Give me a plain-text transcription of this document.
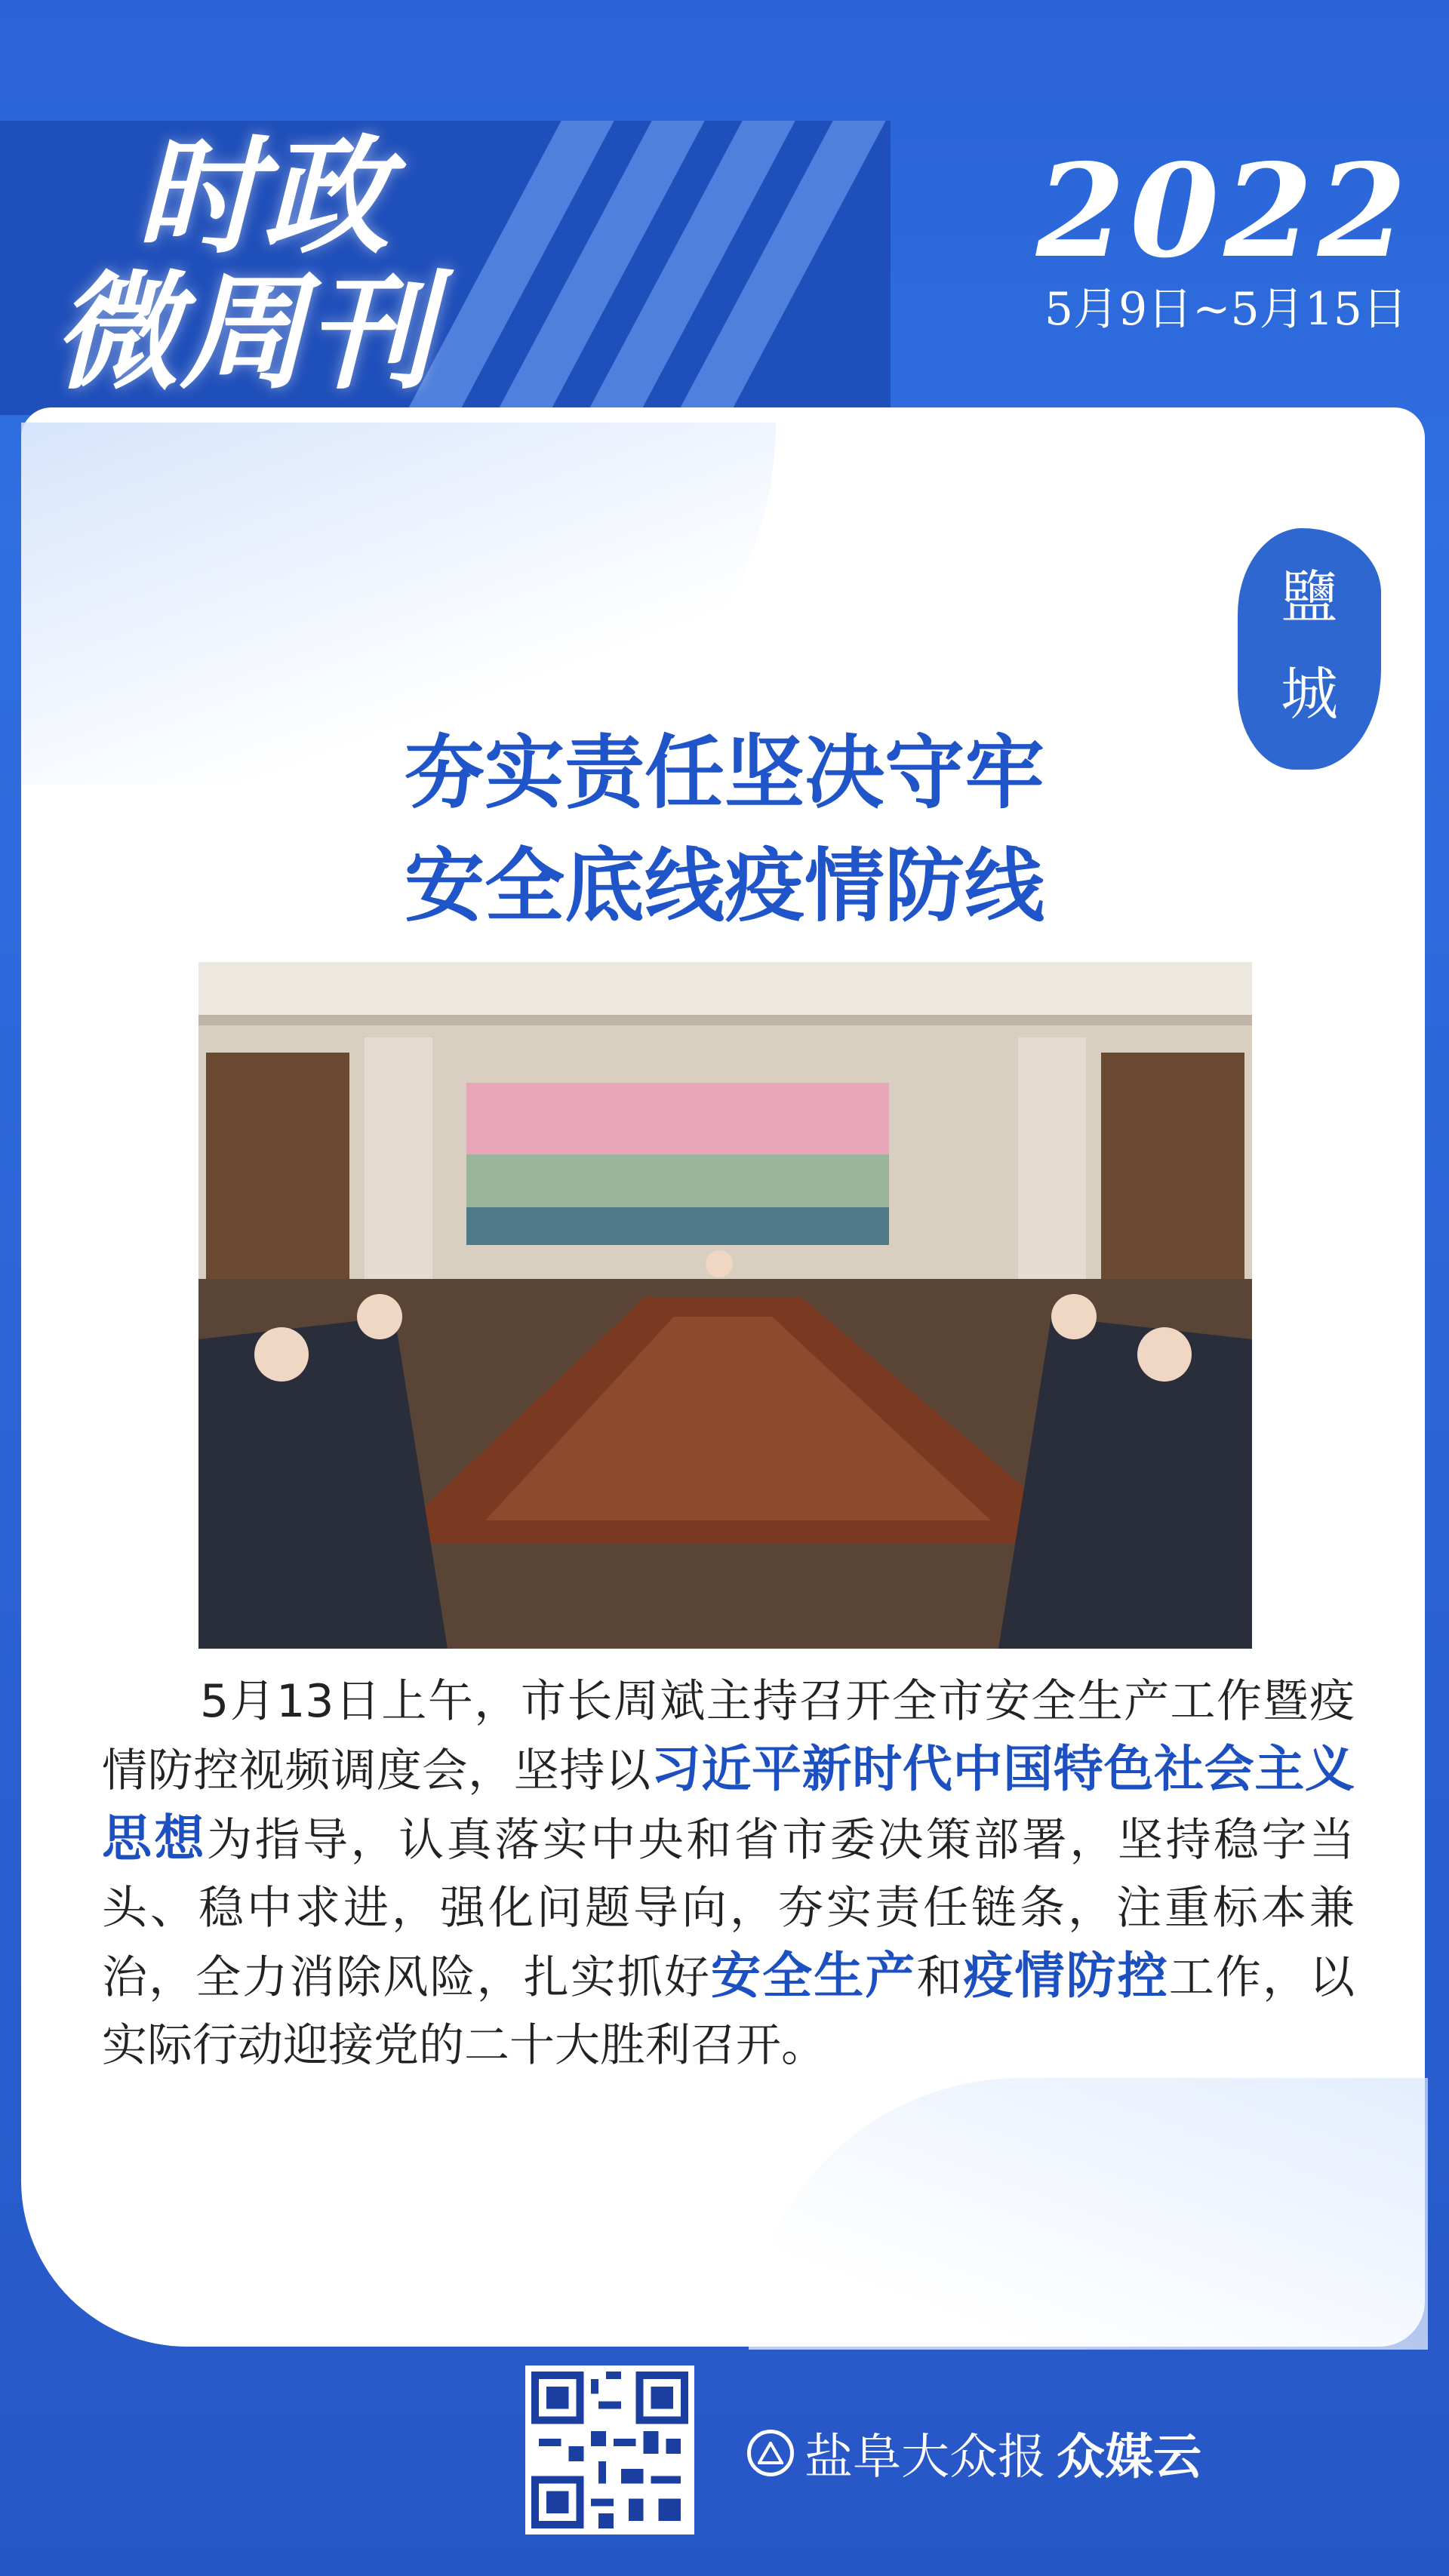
时政
微周刊
2022
5月9日~5月15日
鹽
城
夯实责任坚决守牢
安全底线疫情防线
5月13日上午，市长周斌主持召开全市安全生产工作暨疫情防控视频调度会，坚持以习近平新时代中国特色社会主义思想为指导，认真落实中央和省市委决策部署，坚持稳字当头、稳中求进，强化问题导向，夯实责任链条，注重标本兼治，全力消除风险，扎实抓好安全生产和疫情防控工作，以实际行动迎接党的二十大胜利召开。
盐阜大众报 众媒云
